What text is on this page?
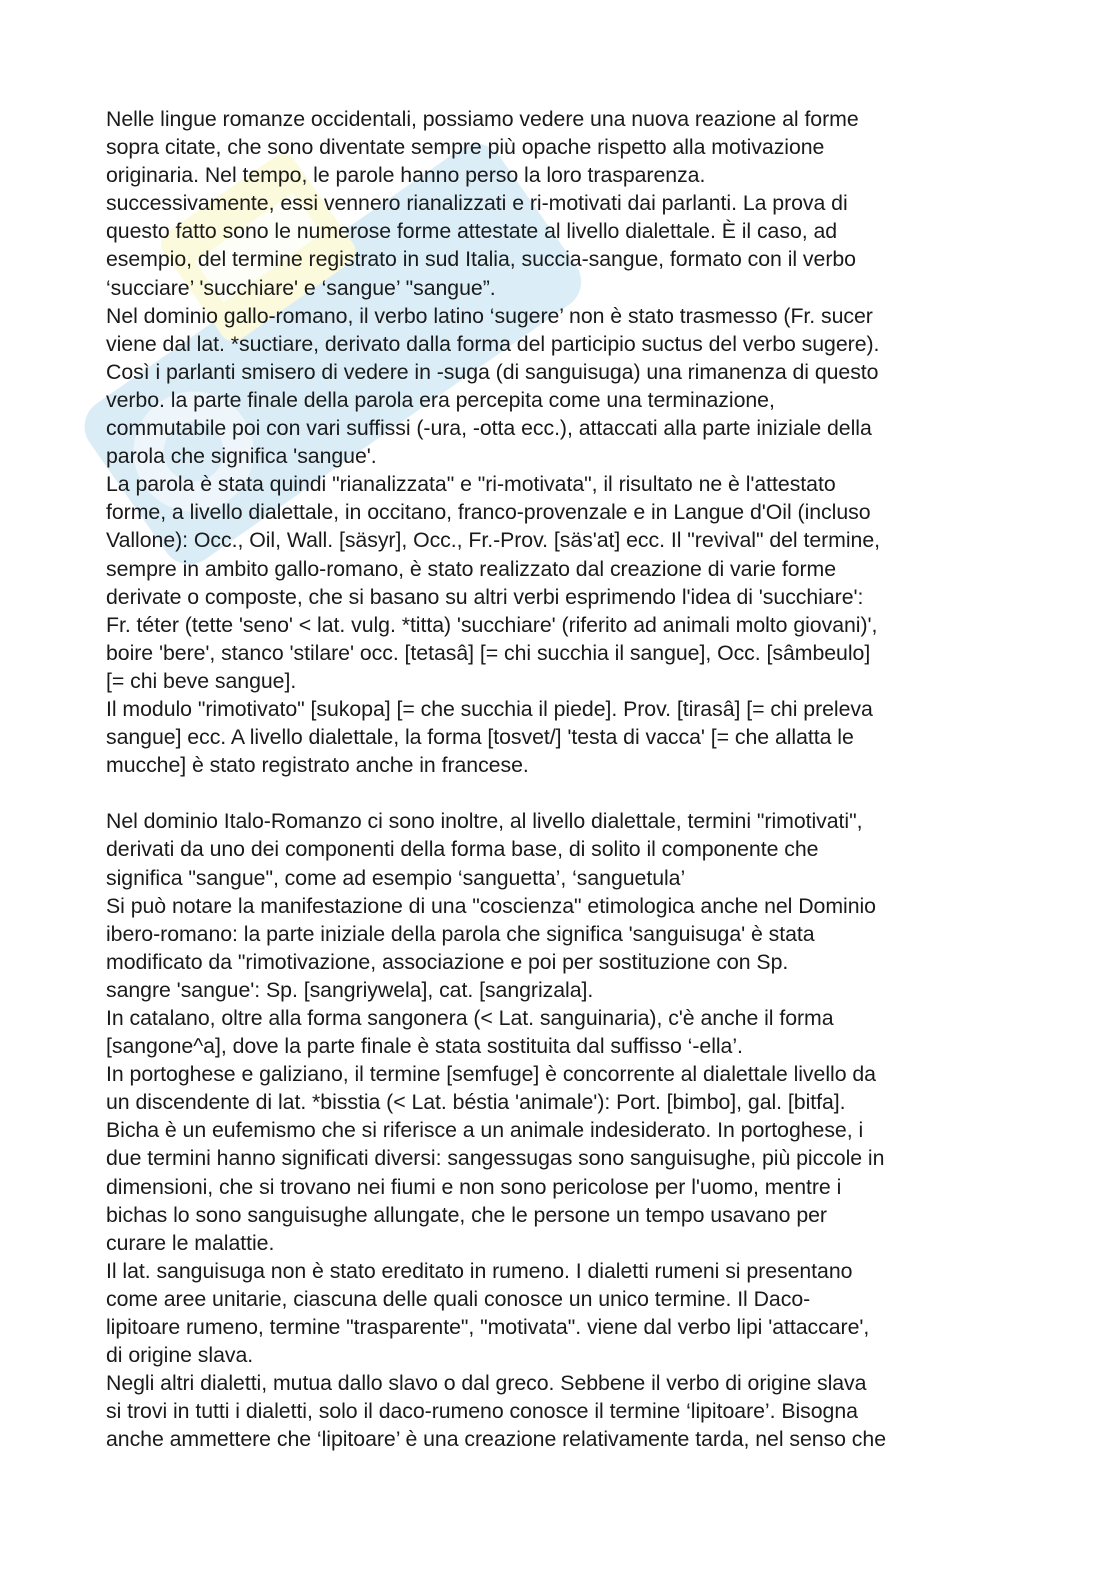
Nelle lingue romanze occidentali, possiamo vedere una nuova reazione al forme
sopra citate, che sono diventate sempre più opache rispetto alla motivazione
originaria. Nel tempo, le parole hanno perso la loro trasparenza.
successivamente, essi vennero rianalizzati e ri-motivati dai parlanti. La prova di
questo fatto sono le numerose forme attestate al livello dialettale. È il caso, ad
esempio, del termine registrato in sud Italia, succia-sangue, formato con il verbo
‘succiare’ 'succhiare' e ‘sangue’ "sangue”.
Nel dominio gallo-romano, il verbo latino ‘sugere’ non è stato trasmesso (Fr. sucer
viene dal lat. *suctiare, derivato dalla forma del participio suctus del verbo sugere).
Così i parlanti smisero di vedere in -suga (di sanguisuga) una rimanenza di questo
verbo. la parte finale della parola era percepita come una terminazione,
commutabile poi con vari suffissi (-ura, -otta ecc.), attaccati alla parte iniziale della
parola che significa 'sangue'.
La parola è stata quindi "rianalizzata" e "ri-motivata", il risultato ne è l'attestato
forme, a livello dialettale, in occitano, franco-provenzale e in Langue d'Oil (incluso
Vallone): Occ., Oil, Wall. [säsyr], Occ., Fr.-Prov. [säs'at] ecc. Il "revival" del termine,
sempre in ambito gallo-romano, è stato realizzato dal creazione di varie forme
derivate o composte, che si basano su altri verbi esprimendo l'idea di 'succhiare':
Fr. téter (tette 'seno' < lat. vulg. *titta) 'succhiare' (riferito ad animali molto giovani)',
boire 'bere', stanco 'stilare' occ. [tetasâ] [= chi succhia il sangue], Occ. [sâmbeulo]
[= chi beve sangue].
Il modulo "rimotivato" [sukopa] [= che succhia il piede]. Prov. [tirasâ] [= chi preleva
sangue] ecc. A livello dialettale, la forma [tosvet/] 'testa di vacca' [= che allatta le
mucche] è stato registrato anche in francese.
Nel dominio Italo-Romanzo ci sono inoltre, al livello dialettale, termini "rimotivati",
derivati da uno dei componenti della forma base, di solito il componente che
significa "sangue", come ad esempio ‘sanguetta’, ‘sanguetula’
Si può notare la manifestazione di una "coscienza" etimologica anche nel Dominio
ibero-romano: la parte iniziale della parola che significa 'sanguisuga' è stata
modificato da "rimotivazione, associazione e poi per sostituzione con Sp.
sangre 'sangue': Sp. [sangriywela], cat. [sangrizala].
In catalano, oltre alla forma sangonera (< Lat. sanguinaria), c'è anche il forma
[sangone^a], dove la parte finale è stata sostituita dal suffisso ‘-ella’.
In portoghese e galiziano, il termine [semfuge] è concorrente al dialettale livello da
un discendente di lat. *bisstia (< Lat. béstia 'animale'): Port. [bimbo], gal. [bitfa].
Bicha è un eufemismo che si riferisce a un animale indesiderato. In portoghese, i
due termini hanno significati diversi: sangessugas sono sanguisughe, più piccole in
dimensioni, che si trovano nei fiumi e non sono pericolose per l'uomo, mentre i
bichas lo sono sanguisughe allungate, che le persone un tempo usavano per
curare le malattie.
Il lat. sanguisuga non è stato ereditato in rumeno. I dialetti rumeni si presentano
come aree unitarie, ciascuna delle quali conosce un unico termine. Il Daco-
lipitoare rumeno, termine "trasparente", "motivata". viene dal verbo lipi 'attaccare',
di origine slava.
Negli altri dialetti, mutua dallo slavo o dal greco. Sebbene il verbo di origine slava
si trovi in tutti i dialetti, solo il daco-rumeno conosce il termine ‘lipitoare’. Bisogna
anche ammettere che ‘lipitoare’ è una creazione relativamente tarda, nel senso che
